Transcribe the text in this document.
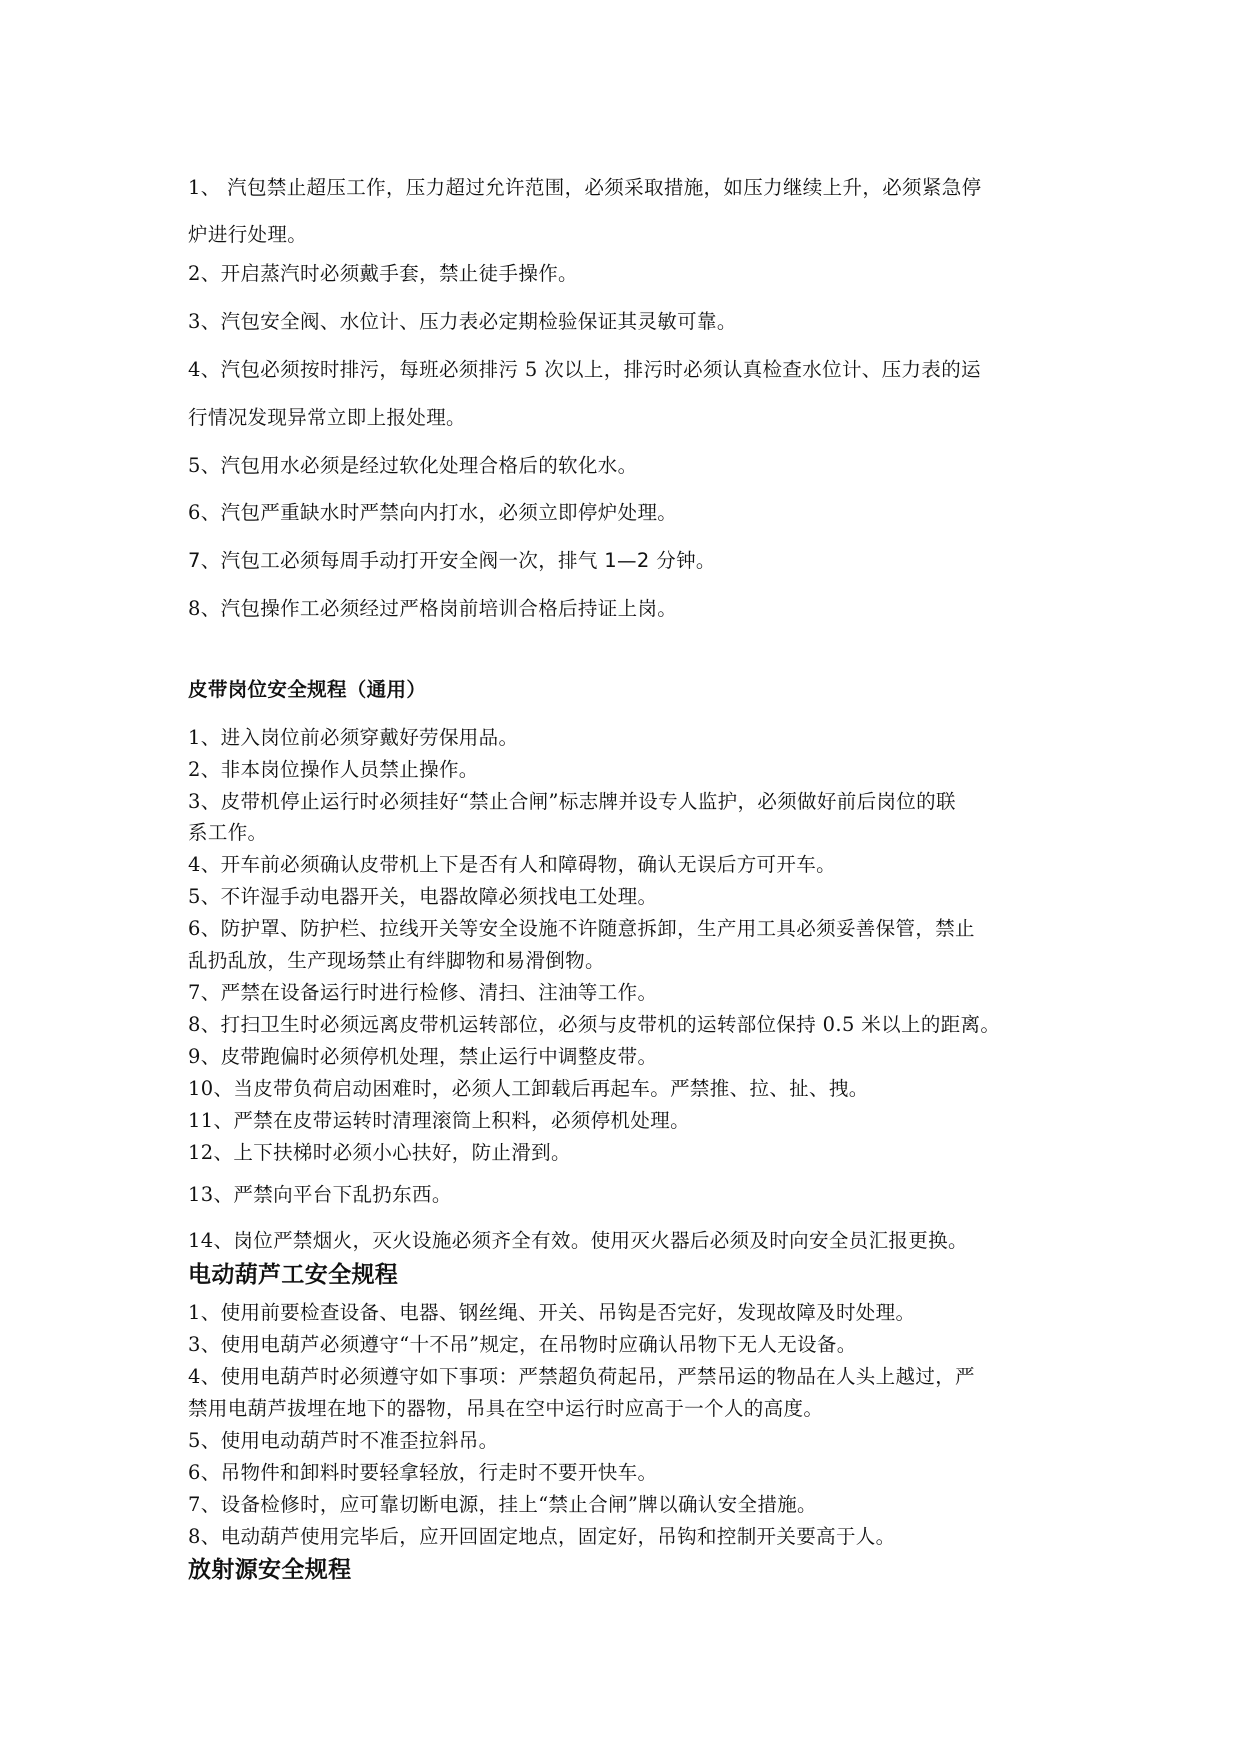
1、 汽包禁止超压工作，压力超过允许范围，必须采取措施，如压力继续上升，必须紧急停
炉进行处理。
2、开启蒸汽时必须戴手套，禁止徒手操作。
3、汽包安全阀、水位计、压力表必定期检验保证其灵敏可靠。
4、汽包必须按时排污，每班必须排污 5 次以上，排污时必须认真检查水位计、压力表的运
行情况发现异常立即上报处理。
5、汽包用水必须是经过软化处理合格后的软化水。
6、汽包严重缺水时严禁向内打水，必须立即停炉处理。
7、汽包工必须每周手动打开安全阀一次，排气 1—2 分钟。
8、汽包操作工必须经过严格岗前培训合格后持证上岗。
皮带岗位安全规程（通用）
1、进入岗位前必须穿戴好劳保用品。
2、非本岗位操作人员禁止操作。
3、皮带机停止运行时必须挂好“禁止合闸”标志牌并设专人监护，必须做好前后岗位的联
系工作。
4、开车前必须确认皮带机上下是否有人和障碍物，确认无误后方可开车。
5、不许湿手动电器开关，电器故障必须找电工处理。
6、防护罩、防护栏、拉线开关等安全设施不许随意拆卸，生产用工具必须妥善保管，禁止
乱扔乱放，生产现场禁止有绊脚物和易滑倒物。
7、严禁在设备运行时进行检修、清扫、注油等工作。
8、打扫卫生时必须远离皮带机运转部位，必须与皮带机的运转部位保持 0.5 米以上的距离。
9、皮带跑偏时必须停机处理，禁止运行中调整皮带。
10、当皮带负荷启动困难时，必须人工卸载后再起车。严禁推、拉、扯、拽。
11、严禁在皮带运转时清理滚筒上积料，必须停机处理。
12、上下扶梯时必须小心扶好，防止滑到。
13、严禁向平台下乱扔东西。
14、岗位严禁烟火，灭火设施必须齐全有效。使用灭火器后必须及时向安全员汇报更换。
电动葫芦工安全规程
1、使用前要检查设备、电器、钢丝绳、开关、吊钩是否完好，发现故障及时处理。
3、使用电葫芦必须遵守“十不吊”规定，在吊物时应确认吊物下无人无设备。
4、使用电葫芦时必须遵守如下事项：严禁超负荷起吊，严禁吊运的物品在人头上越过，严
禁用电葫芦拔埋在地下的器物，吊具在空中运行时应高于一个人的高度。
5、使用电动葫芦时不准歪拉斜吊。
6、吊物件和卸料时要轻拿轻放，行走时不要开快车。
7、设备检修时，应可靠切断电源，挂上“禁止合闸”牌以确认安全措施。
8、电动葫芦使用完毕后，应开回固定地点，固定好，吊钩和控制开关要高于人。
放射源安全规程
